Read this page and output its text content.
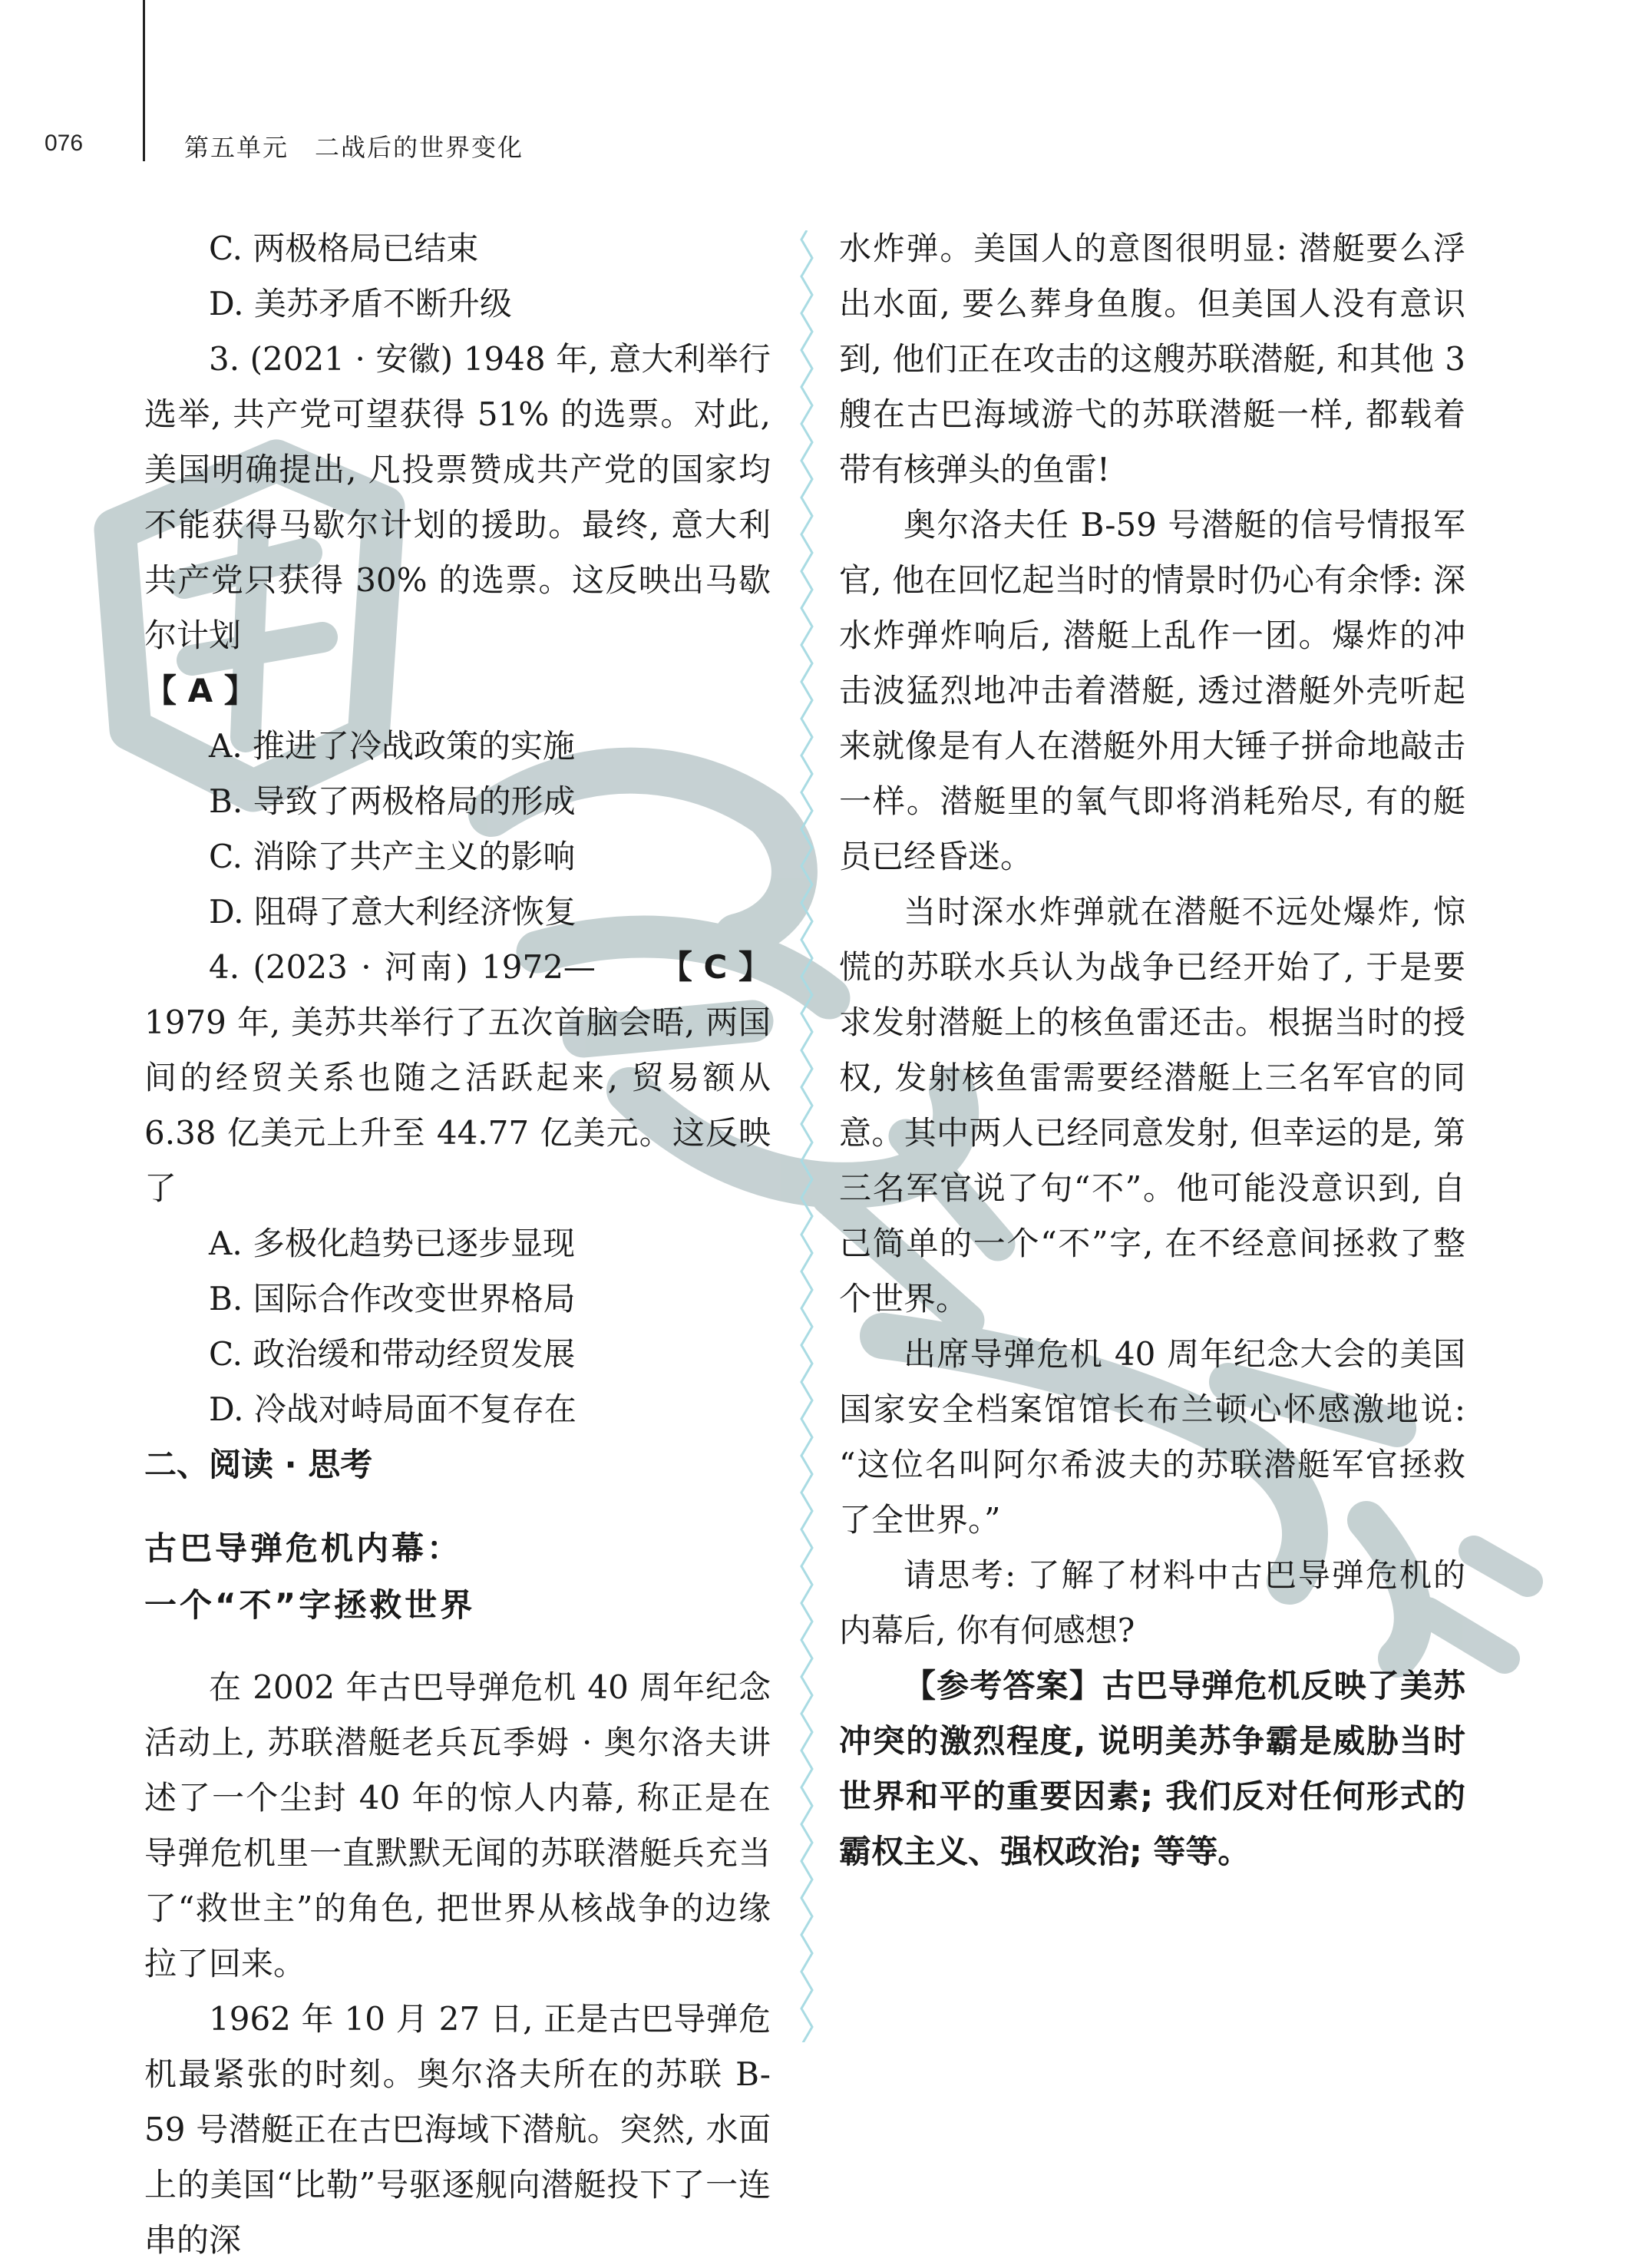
076	第五单元　二战后的世界变化

C. 两极格局已结束

D. 美苏矛盾不断升级

3. (2021 · 安徽) 1948 年, 意大利举行选举, 共产党可望获得 51% 的选票。对此, 美国明确提出, 凡投票赞成共产党的国家均不能获得马歇尔计划的援助。最终, 意大利共产党只获得 30% 的选票。这反映出马歇尔计划

【 A 】

A. 推进了冷战政策的实施

B. 导致了两极格局的形成

C. 消除了共产主义的影响

D. 阻碍了意大利经济恢复

【 C 】
4. (2023 · 河南) 1972—1979 年, 美苏共举行了五次首脑会晤, 两国间的经贸关系也随之活跃起来, 贸易额从 6.38 亿美元上升至 44.77 亿美元。这反映了

A. 多极化趋势已逐步显现

B. 国际合作改变世界格局

C. 政治缓和带动经贸发展

D. 冷战对峙局面不复存在

二、阅读 · 思考

古巴导弹危机内幕：

一个“不”字拯救世界

在 2002 年古巴导弹危机 40 周年纪念活动上, 苏联潜艇老兵瓦季姆 · 奥尔洛夫讲述了一个尘封 40 年的惊人内幕, 称正是在导弹危机里一直默默无闻的苏联潜艇兵充当了“救世主”的角色, 把世界从核战争的边缘拉了回来。

1962 年 10 月 27 日, 正是古巴导弹危机最紧张的时刻。奥尔洛夫所在的苏联 B-59 号潜艇正在古巴海域下潜航。突然, 水面上的美国“比勒”号驱逐舰向潜艇投下了一连串的深

水炸弹。美国人的意图很明显: 潜艇要么浮出水面, 要么葬身鱼腹。但美国人没有意识到, 他们正在攻击的这艘苏联潜艇, 和其他 3 艘在古巴海域游弋的苏联潜艇一样, 都载着带有核弹头的鱼雷!

奥尔洛夫任 B-59 号潜艇的信号情报军官, 他在回忆起当时的情景时仍心有余悸: 深水炸弹炸响后, 潜艇上乱作一团。爆炸的冲击波猛烈地冲击着潜艇, 透过潜艇外壳听起来就像是有人在潜艇外用大锤子拼命地敲击一样。潜艇里的氧气即将消耗殆尽, 有的艇员已经昏迷。

当时深水炸弹就在潜艇不远处爆炸, 惊慌的苏联水兵认为战争已经开始了, 于是要求发射潜艇上的核鱼雷还击。根据当时的授权, 发射核鱼雷需要经潜艇上三名军官的同意。其中两人已经同意发射, 但幸运的是, 第三名军官说了句“不”。他可能没意识到, 自己简单的一个“不”字, 在不经意间拯救了整个世界。

出席导弹危机 40 周年纪念大会的美国国家安全档案馆馆长布兰顿心怀感激地说: “这位名叫阿尔希波夫的苏联潜艇军官拯救了全世界。”

请思考: 了解了材料中古巴导弹危机的内幕后, 你有何感想?

【参考答案】古巴导弹危机反映了美苏冲突的激烈程度, 说明美苏争霸是威胁当时世界和平的重要因素; 我们反对任何形式的霸权主义、强权政治; 等等。
